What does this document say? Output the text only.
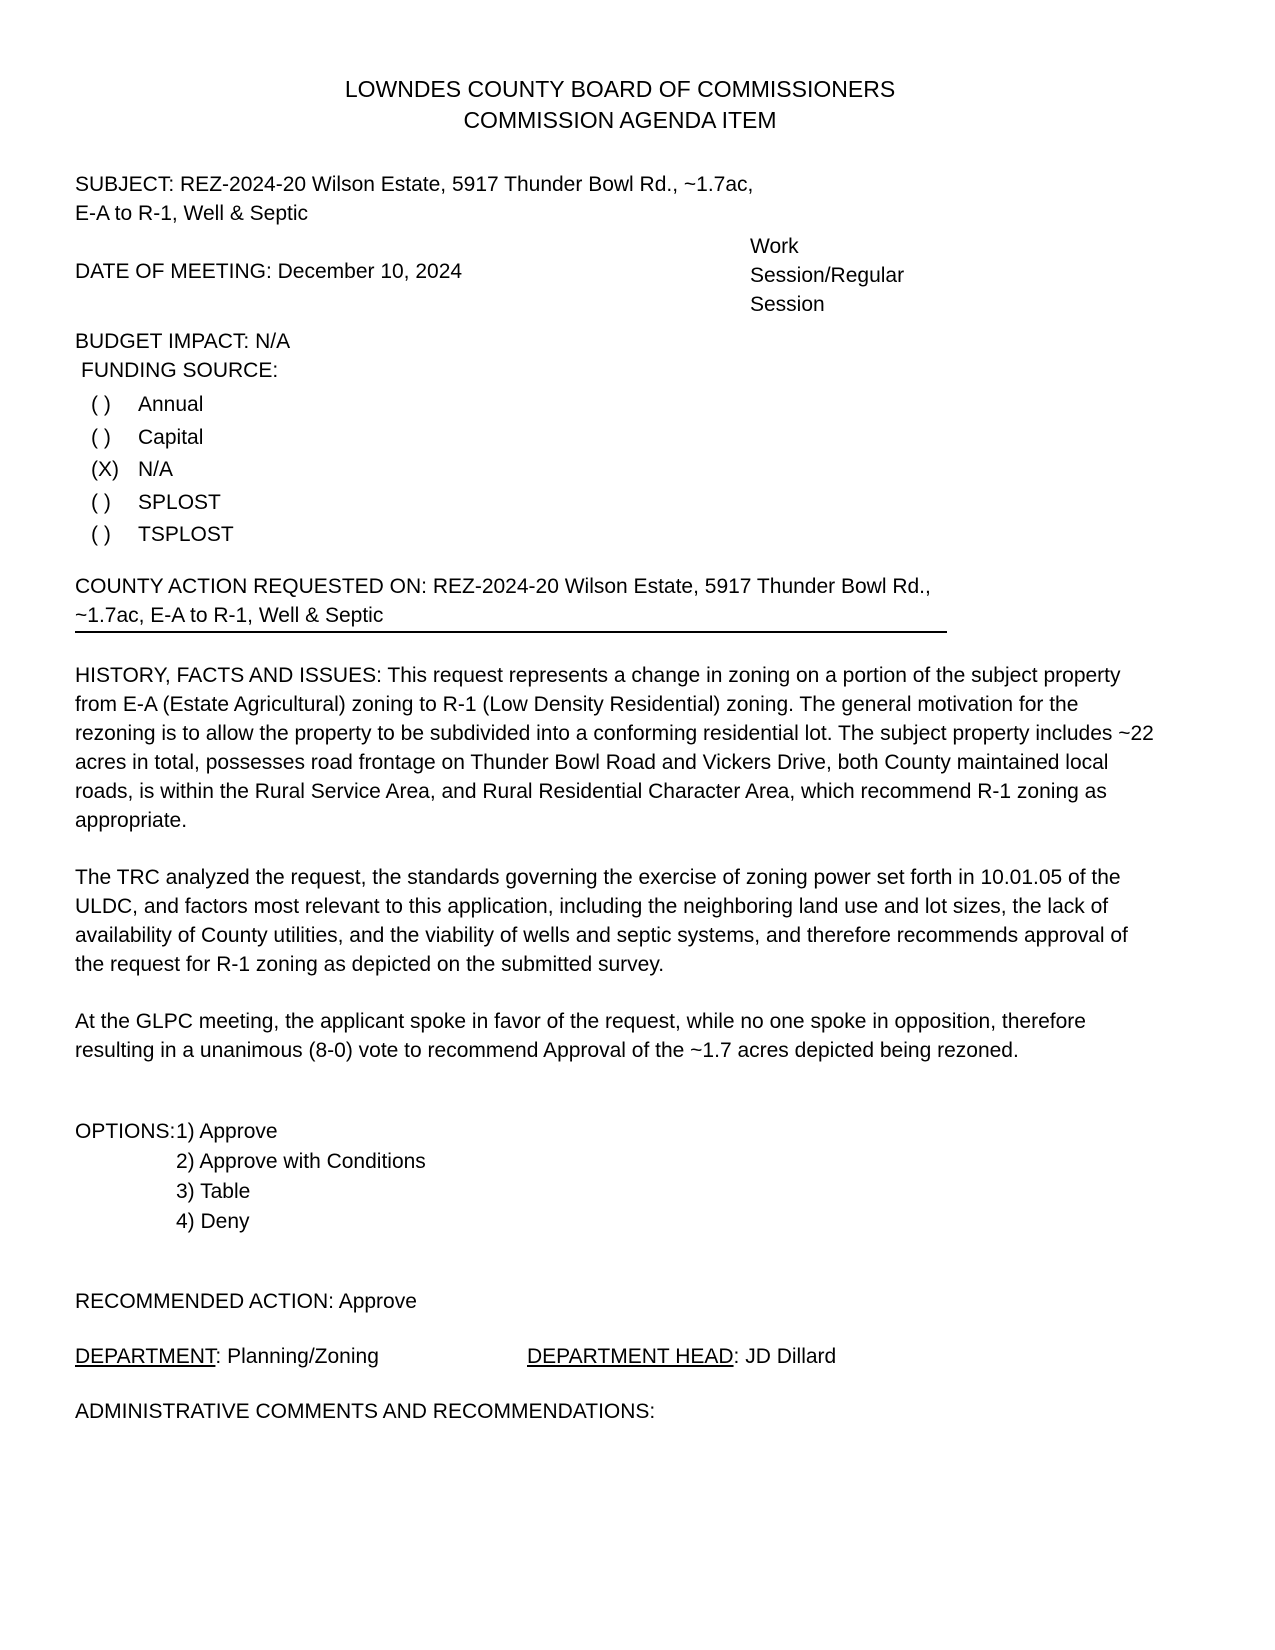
LOWNDES COUNTY BOARD OF COMMISSIONERS
COMMISSION AGENDA ITEM
SUBJECT: REZ-2024-20 Wilson Estate, 5917 Thunder Bowl Rd., ~1.7ac,
E-A to R-1, Well & Septic
DATE OF MEETING: December 10, 2024
Work
Session/Regular
Session
BUDGET IMPACT: N/A
FUNDING SOURCE:
( ) Annual
( ) Capital
(X) N/A
( ) SPLOST
( ) TSPLOST
COUNTY ACTION REQUESTED ON: REZ-2024-20 Wilson Estate, 5917 Thunder Bowl Rd.,
~1.7ac, E-A to R-1, Well & Septic

HISTORY, FACTS AND ISSUES: This request represents a change in zoning on a portion of the subject property from E-A (Estate Agricultural) zoning to R-1 (Low Density Residential) zoning. The general motivation for the rezoning is to allow the property to be subdivided into a conforming residential lot. The subject property includes ~22 acres in total, possesses road frontage on Thunder Bowl Road and Vickers Drive, both County maintained local roads, is within the Rural Service Area, and Rural Residential Character Area, which recommend R-1 zoning as appropriate.

The TRC analyzed the request, the standards governing the exercise of zoning power set forth in 10.01.05 of the ULDC, and factors most relevant to this application, including the neighboring land use and lot sizes, the lack of availability of County utilities, and the viability of wells and septic systems, and therefore recommends approval of the request for R-1 zoning as depicted on the submitted survey.

At the GLPC meeting, the applicant spoke in favor of the request, while no one spoke in opposition, therefore resulting in a unanimous (8-0) vote to recommend Approval of the ~1.7 acres depicted being rezoned.

OPTIONS: 1) Approve
2) Approve with Conditions
3) Table
4) Deny
RECOMMENDED ACTION: Approve
DEPARTMENT: Planning/Zoning	DEPARTMENT HEAD: JD Dillard
ADMINISTRATIVE COMMENTS AND RECOMMENDATIONS:
